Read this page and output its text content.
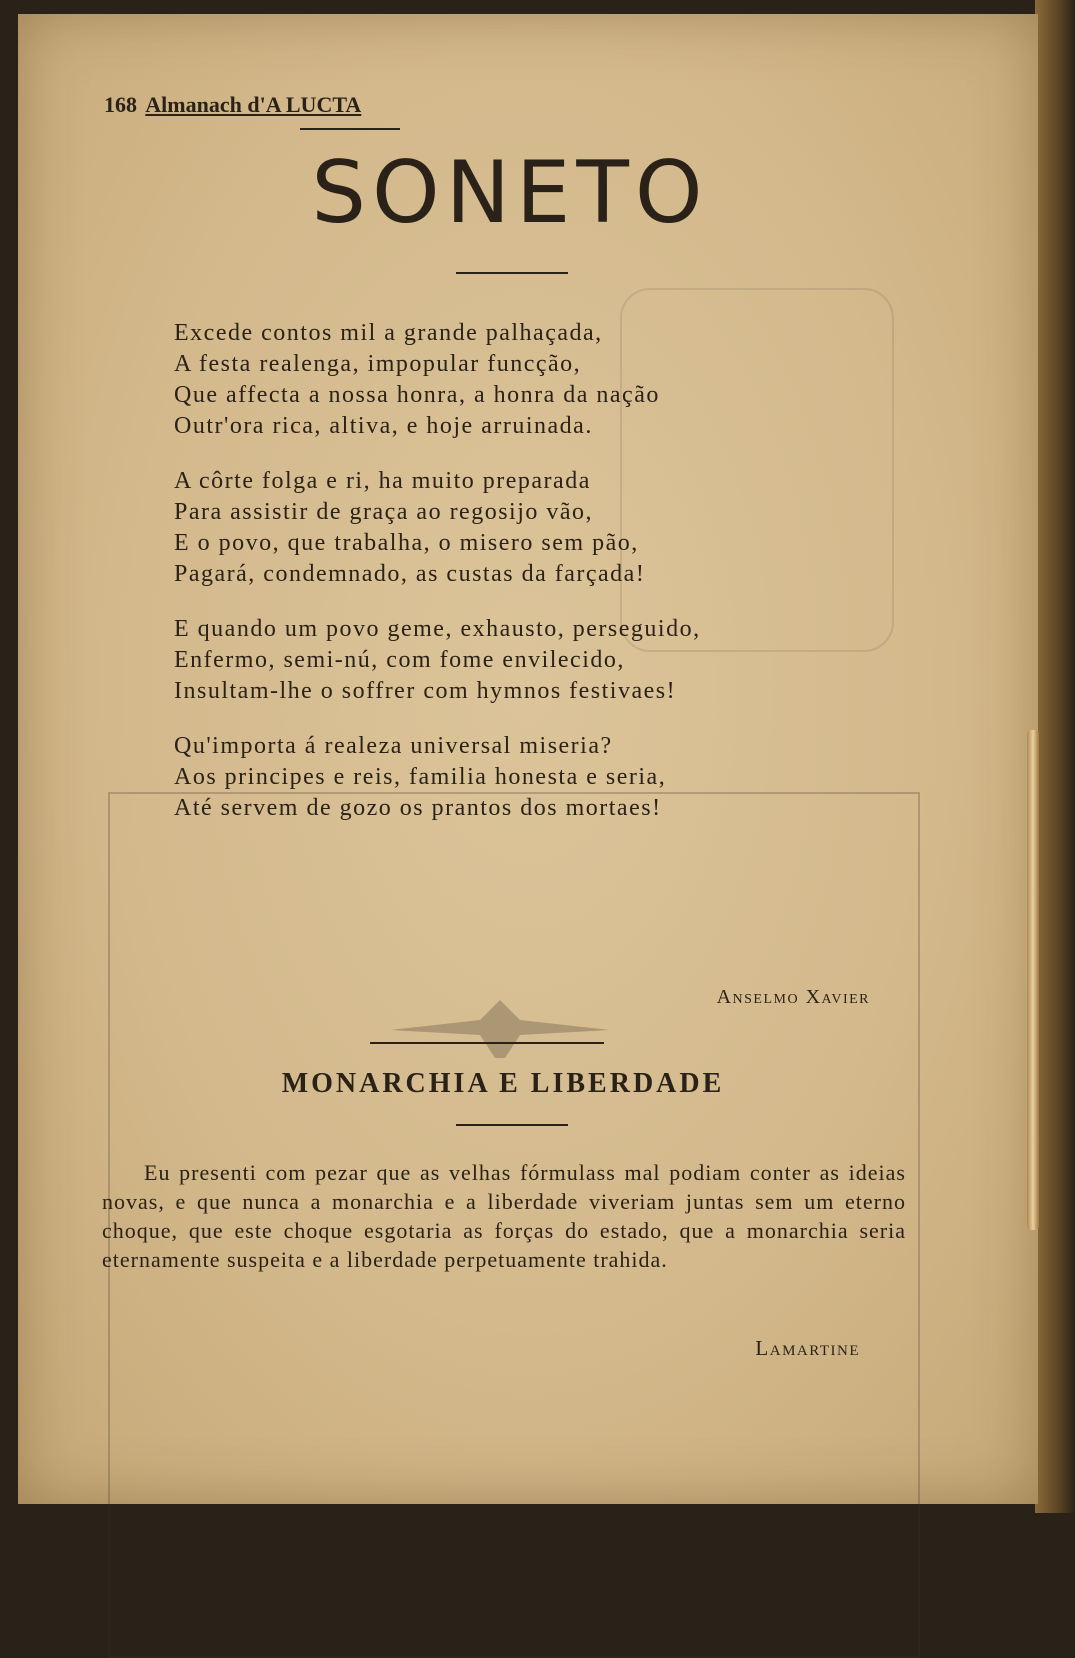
168 Almanach d'A LUCTA
SONETO
Excede contos mil a grande palhaçada,
A festa realenga, impopular funcção,
Que affecta a nossa honra, a honra da nação
Outr'ora rica, altiva, e hoje arruinada.
A côrte folga e ri, ha muito preparada
Para assistir de graça ao regosijo vão,
E o povo, que trabalha, o misero sem pão,
Pagará, condemnado, as custas da farçada!
E quando um povo geme, exhausto, perseguido,
Enfermo, semi-nú, com fome envilecido,
Insultam-lhe o soffrer com hymnos festivaes!
Qu'importa á realeza universal miseria?
Aos principes e reis, familia honesta e seria,
Até servem de gozo os prantos dos mortaes!
Anselmo Xavier
MONARCHIA E LIBERDADE
Eu presenti com pezar que as velhas fórmulass mal podiam conter as ideias novas, e que nunca a monarchia e a liberdade viveriam juntas sem um eterno choque, que este choque esgotaria as forças do estado, que a monarchia seria eternamente suspeita e a liberdade perpetuamente trahida.
Lamartine
